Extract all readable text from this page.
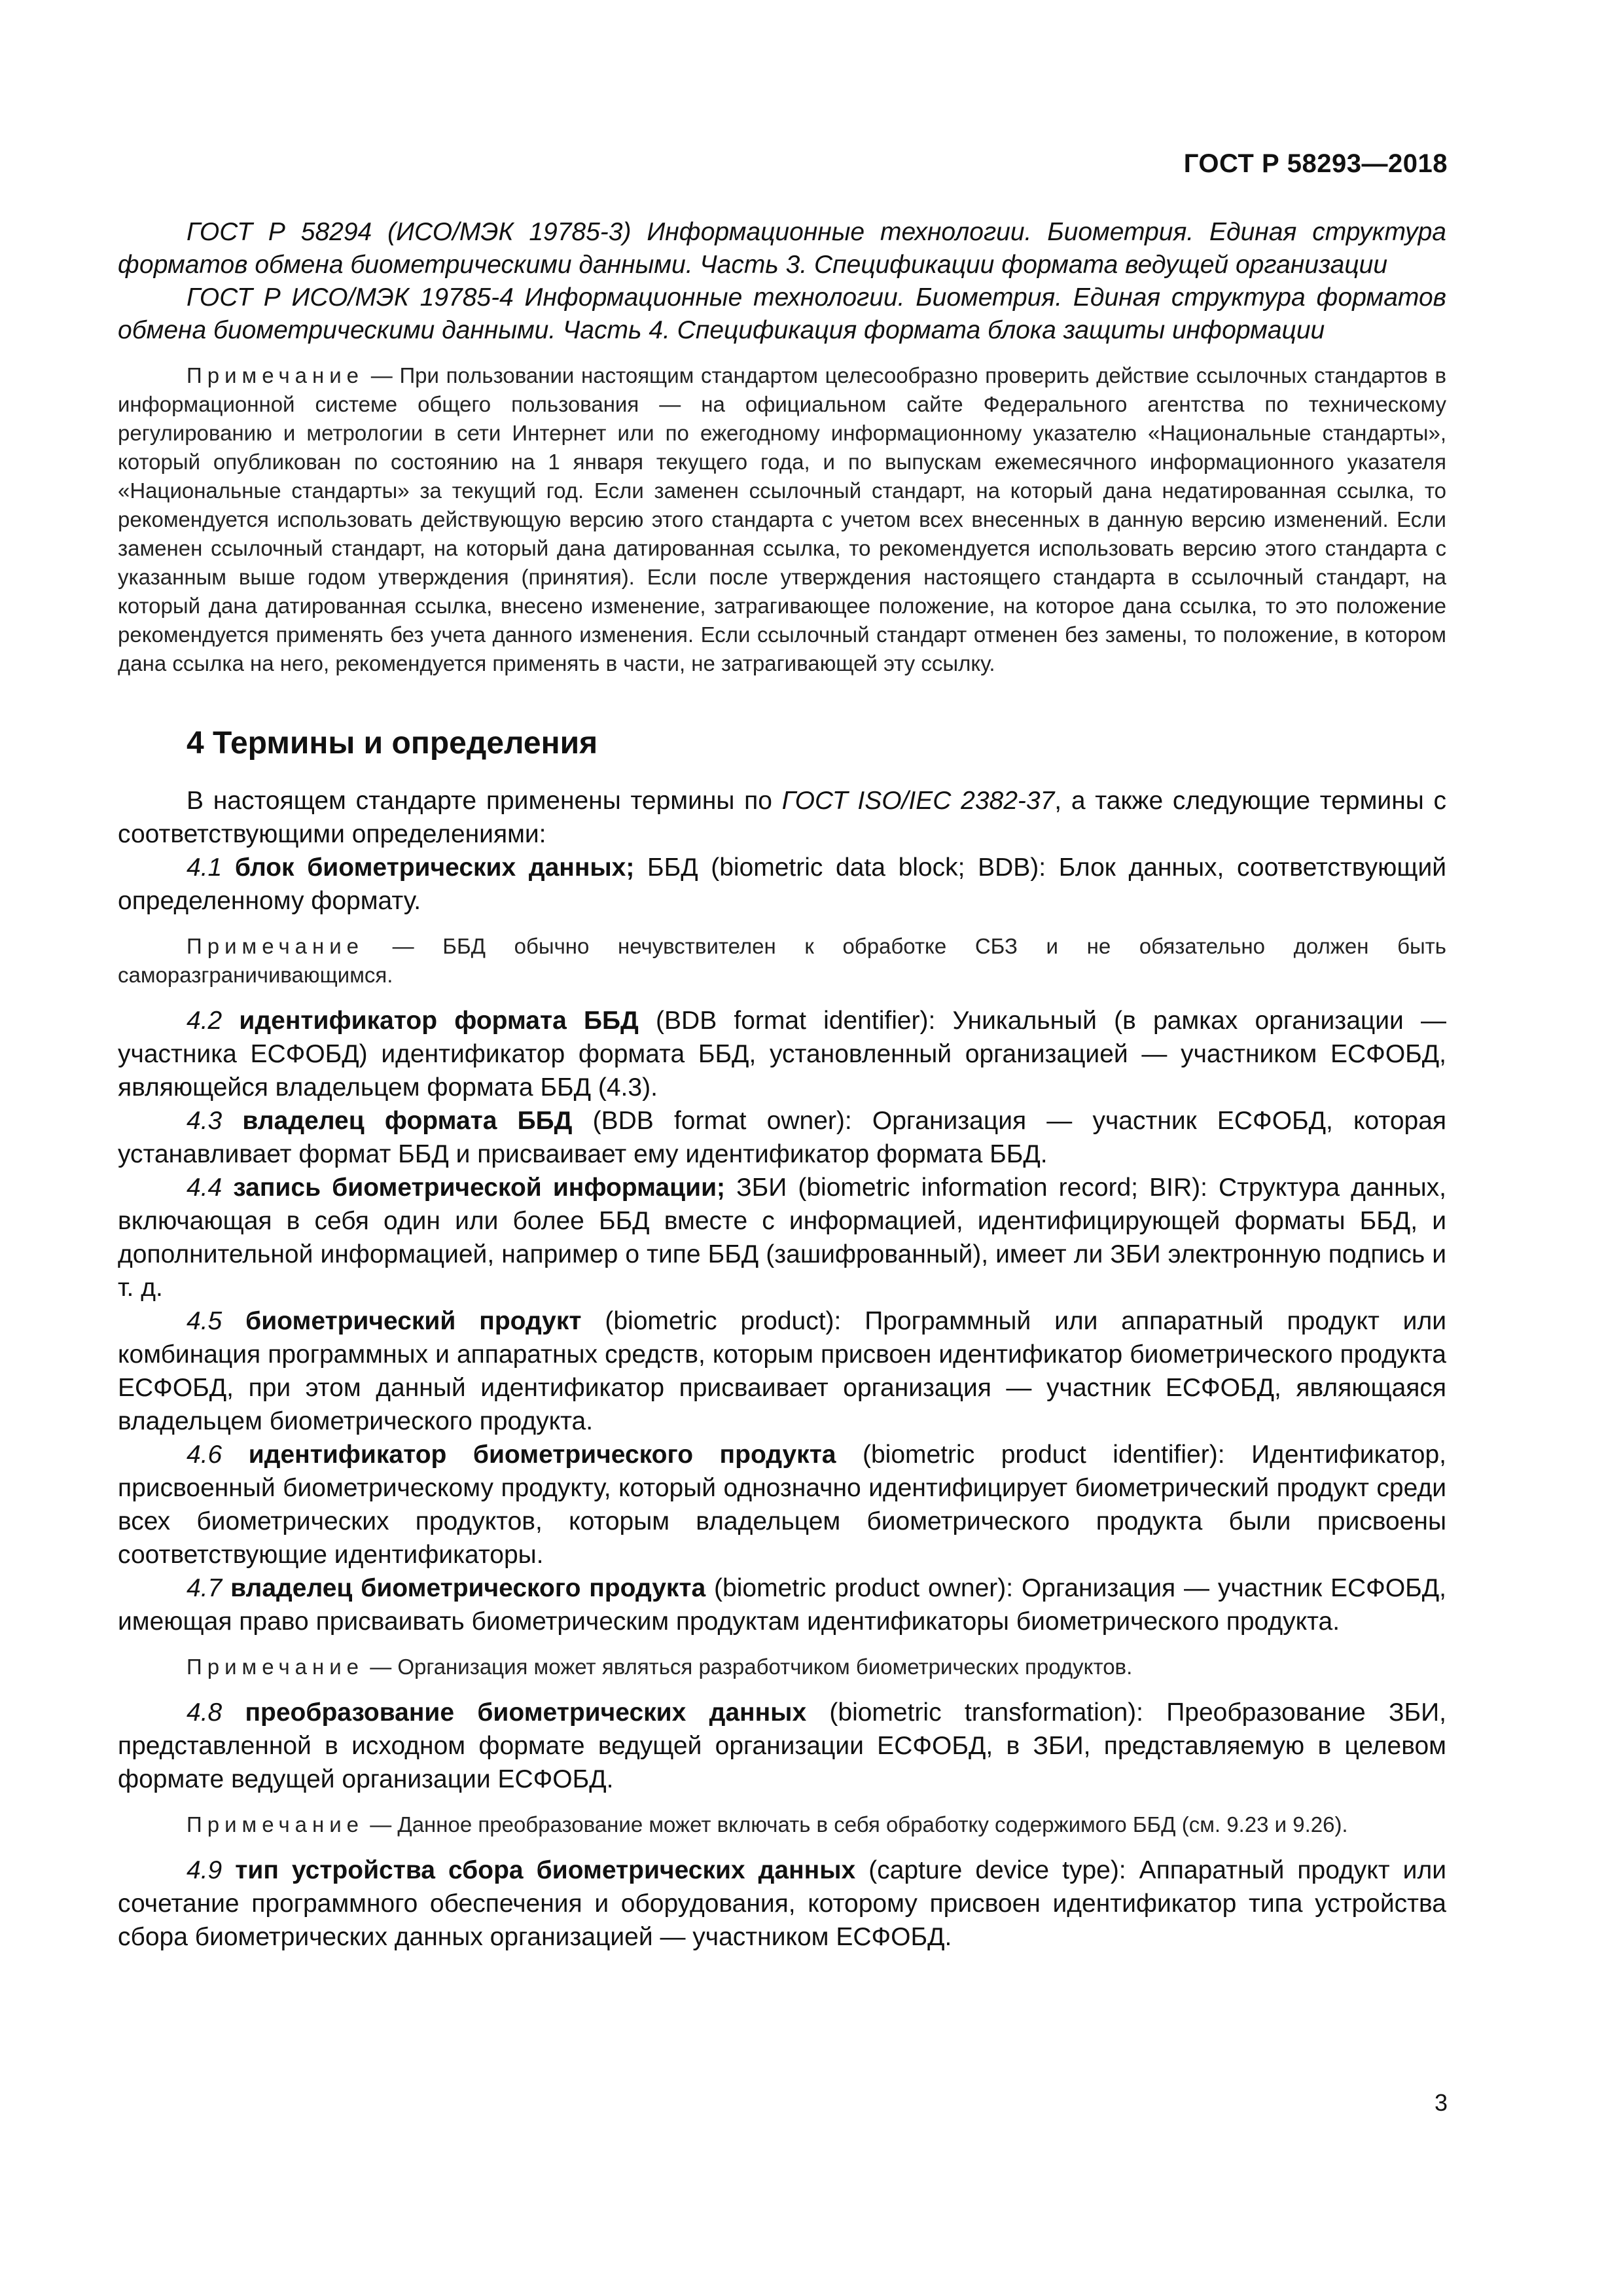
ГОСТ Р 58293—2018

ГОСТ Р 58294 (ИСО/МЭК 19785-3) Информационные технологии. Биометрия. Единая структура форматов обмена биометрическими данными. Часть 3. Спецификации формата ведущей организации

ГОСТ Р ИСО/МЭК 19785-4 Информационные технологии. Биометрия. Единая структура форматов обмена биометрическими данными. Часть 4. Спецификация формата блока защиты информации

Примечание — При пользовании настоящим стандартом целесообразно проверить действие ссылочных стандартов в информационной системе общего пользования — на официальном сайте Федерального агентства по техническому регулированию и метрологии в сети Интернет или по ежегодному информационному указателю «Национальные стандарты», который опубликован по состоянию на 1 января текущего года, и по выпускам ежемесячного информационного указателя «Национальные стандарты» за текущий год. Если заменен ссылочный стандарт, на который дана недатированная ссылка, то рекомендуется использовать действующую версию этого стандарта с учетом всех внесенных в данную версию изменений. Если заменен ссылочный стандарт, на который дана датированная ссылка, то рекомендуется использовать версию этого стандарта с указанным выше годом утверждения (принятия). Если после утверждения настоящего стандарта в ссылочный стандарт, на который дана датированная ссылка, внесено изменение, затрагивающее положение, на которое дана ссылка, то это положение рекомендуется применять без учета данного изменения. Если ссылочный стандарт отменен без замены, то положение, в котором дана ссылка на него, рекомендуется применять в части, не затрагивающей эту ссылку.

4 Термины и определения

В настоящем стандарте применены термины по ГОСТ ISO/IEC 2382-37, а также следующие термины с соответствующими определениями:

4.1 блок биометрических данных; ББД (biometric data block; BDB): Блок данных, соответствующий определенному формату.

Примечание — ББД обычно нечувствителен к обработке СБЗ и не обязательно должен быть саморазграничивающимся.

4.2 идентификатор формата ББД (BDB format identifier): Уникальный (в рамках организации — участника ЕСФОБД) идентификатор формата ББД, установленный организацией — участником ЕСФОБД, являющейся владельцем формата ББД (4.3).

4.3 владелец формата ББД (BDB format owner): Организация — участник ЕСФОБД, которая устанавливает формат ББД и присваивает ему идентификатор формата ББД.

4.4 запись биометрической информации; ЗБИ (biometric information record; BIR): Структура данных, включающая в себя один или более ББД вместе с информацией, идентифицирующей форматы ББД, и дополнительной информацией, например о типе ББД (зашифрованный), имеет ли ЗБИ электронную подпись и т. д.

4.5 биометрический продукт (biometric product): Программный или аппаратный продукт или комбинация программных и аппаратных средств, которым присвоен идентификатор биометрического продукта ЕСФОБД, при этом данный идентификатор присваивает организация — участник ЕСФОБД, являющаяся владельцем биометрического продукта.

4.6 идентификатор биометрического продукта (biometric product identifier): Идентификатор, присвоенный биометрическому продукту, который однозначно идентифицирует биометрический продукт среди всех биометрических продуктов, которым владельцем биометрического продукта были присвоены соответствующие идентификаторы.

4.7 владелец биометрического продукта (biometric product owner): Организация — участник ЕСФОБД, имеющая право присваивать биометрическим продуктам идентификаторы биометрического продукта.

Примечание — Организация может являться разработчиком биометрических продуктов.

4.8 преобразование биометрических данных (biometric transformation): Преобразование ЗБИ, представленной в исходном формате ведущей организации ЕСФОБД, в ЗБИ, представляемую в целевом формате ведущей организации ЕСФОБД.

Примечание — Данное преобразование может включать в себя обработку содержимого ББД (см. 9.23 и 9.26).

4.9 тип устройства сбора биометрических данных (capture device type): Аппаратный продукт или сочетание программного обеспечения и оборудования, которому присвоен идентификатор типа устройства сбора биометрических данных организацией — участником ЕСФОБД.

3
